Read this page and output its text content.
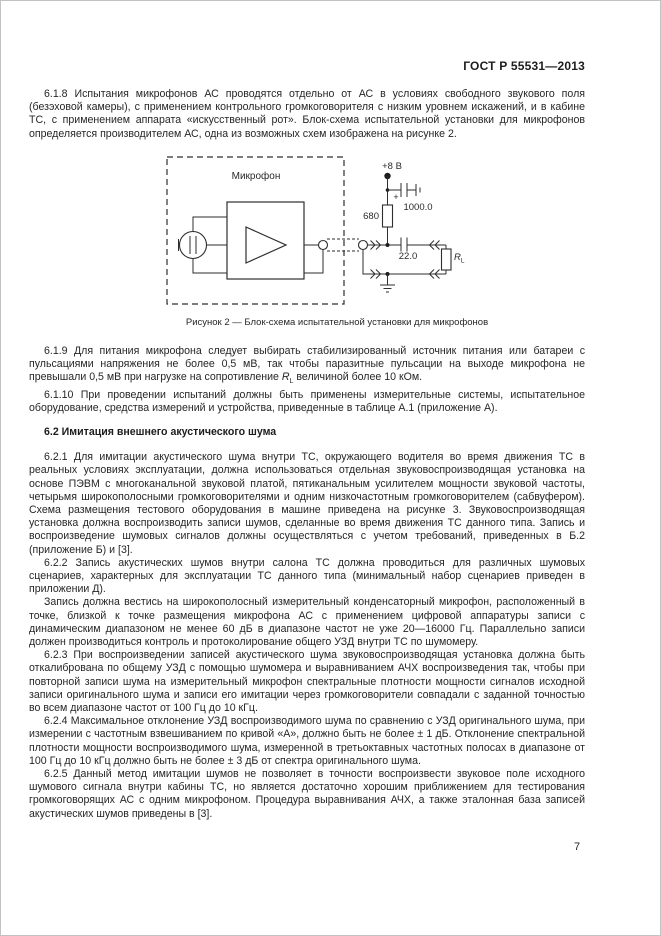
ГОСТ Р 55531—2013

6.1.8 Испытания микрофонов АС проводятся отдельно от АС в условиях свободного звукового поля (безэховой камеры), с применением контрольного громкоговорителя с низким уровнем искажений, и в кабине ТС, с применением аппарата «искусственный рот». Блок-схема испытательной установки для микрофонов определяется производителем АС, одна из возможных схем изображена на рисунке 2.

Микрофон
+8 В
+
1000.0
680
22.0	$R_L$
Рисунок 2 — Блок-схема испытательной установки для микрофонов

6.1.9 Для питания микрофона следует выбирать стабилизированный источник питания или батареи с пульсациями напряжения не более 0,5 мВ, так чтобы паразитные пульсации на выходе микрофона не превышали 0,5 мВ при нагрузке на сопротивление $R_L$ величиной более 10 кОм.

6.1.10 При проведении испытаний должны быть применены измерительные системы, испытательное оборудование, средства измерений и устройства, приведенные в таблице А.1 (приложение А).

6.2 Имитация внешнего акустического шума

6.2.1 Для имитации акустического шума внутри ТС, окружающего водителя во время движения ТС в реальных условиях эксплуатации, должна использоваться отдельная звуковоспроизводящая установка на основе ПЭВМ с многоканальной звуковой платой, пятиканальным усилителем мощности звуковой частоты, четырьмя широкополосными громкоговорителями и одним низкочастотным громкоговорителем (сабвуфером). Схема размещения тестового оборудования в машине приведена на рисунке 3. Звуковоспроизводящая установка должна воспроизводить записи шумов, сделанные во время движения ТС данного типа. Запись и воспроизведение шумовых сигналов должны осуществляться с учетом требований, приведенных в Б.2 (приложение Б) и [3].

6.2.2 Запись акустических шумов внутри салона ТС должна проводиться для различных шумовых сценариев, характерных для эксплуатации ТС данного типа (минимальный набор сценариев приведен в приложении Д).

Запись должна вестись на широкополосный измерительный конденсаторный микрофон, расположенный в точке, близкой к точке размещения микрофона АС с применением цифровой аппаратуры записи с динамическим диапазоном не менее 60 дБ в диапазоне частот не уже 20—16000 Гц. Параллельно записи должен производиться контроль и протоколирование общего УЗД внутри ТС по шумомеру.

6.2.3 При воспроизведении записей акустического шума звуковоспроизводящая установка должна быть откалибрована по общему УЗД с помощью шумомера и выравниванием АЧХ воспроизведения так, чтобы при повторной записи шума на измерительный микрофон спектральные плотности мощности сигналов исходной записи оригинального шума и записи его имитации через громкоговорители совпадали с заданной точностью во всем диапазоне частот от 100 Гц до 10 кГц.

6.2.4 Максимальное отклонение УЗД воспроизводимого шума по сравнению с УЗД оригинального шума, при измерении с частотным взвешиванием по кривой «А», должно быть не более ± 1 дБ. Отклонение спектральной плотности мощности воспроизводимого шума, измеренной в третьоктавных частотных полосах в диапазоне от 100 Гц до 10 кГц должно быть не более ± 3 дБ от спектра оригинального шума.

6.2.5 Данный метод имитации шумов не позволяет в точности воспроизвести звуковое поле исходного шумового сигнала внутри кабины ТС, но является достаточно хорошим приближением для тестирования громкоговорящих АС с одним микрофоном. Процедура выравнивания АЧХ, а также эталонная база записей акустических шумов приведены в [3].

7
